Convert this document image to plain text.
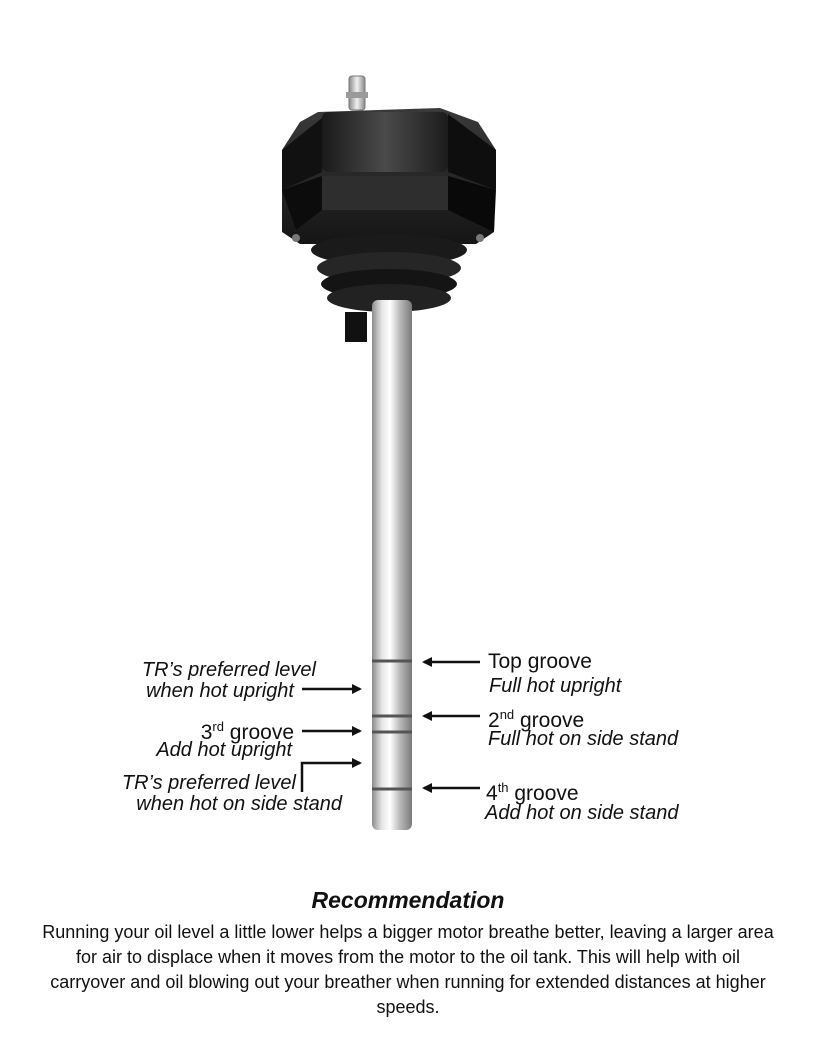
Top groove
Full hot upright
2nd groove
Full hot on side stand
4th groove
Add hot on side stand
TR’s preferred level
when hot upright
3rd groove
Add hot upright
TR’s preferred level
when hot on side stand
Recommendation

Running your oil level a little lower helps a bigger motor breathe better, leaving a larger area for air to displace when it moves from the motor to the oil tank. This will help with oil carryover and oil blowing out your breather when running for extended distances at higher speeds.
